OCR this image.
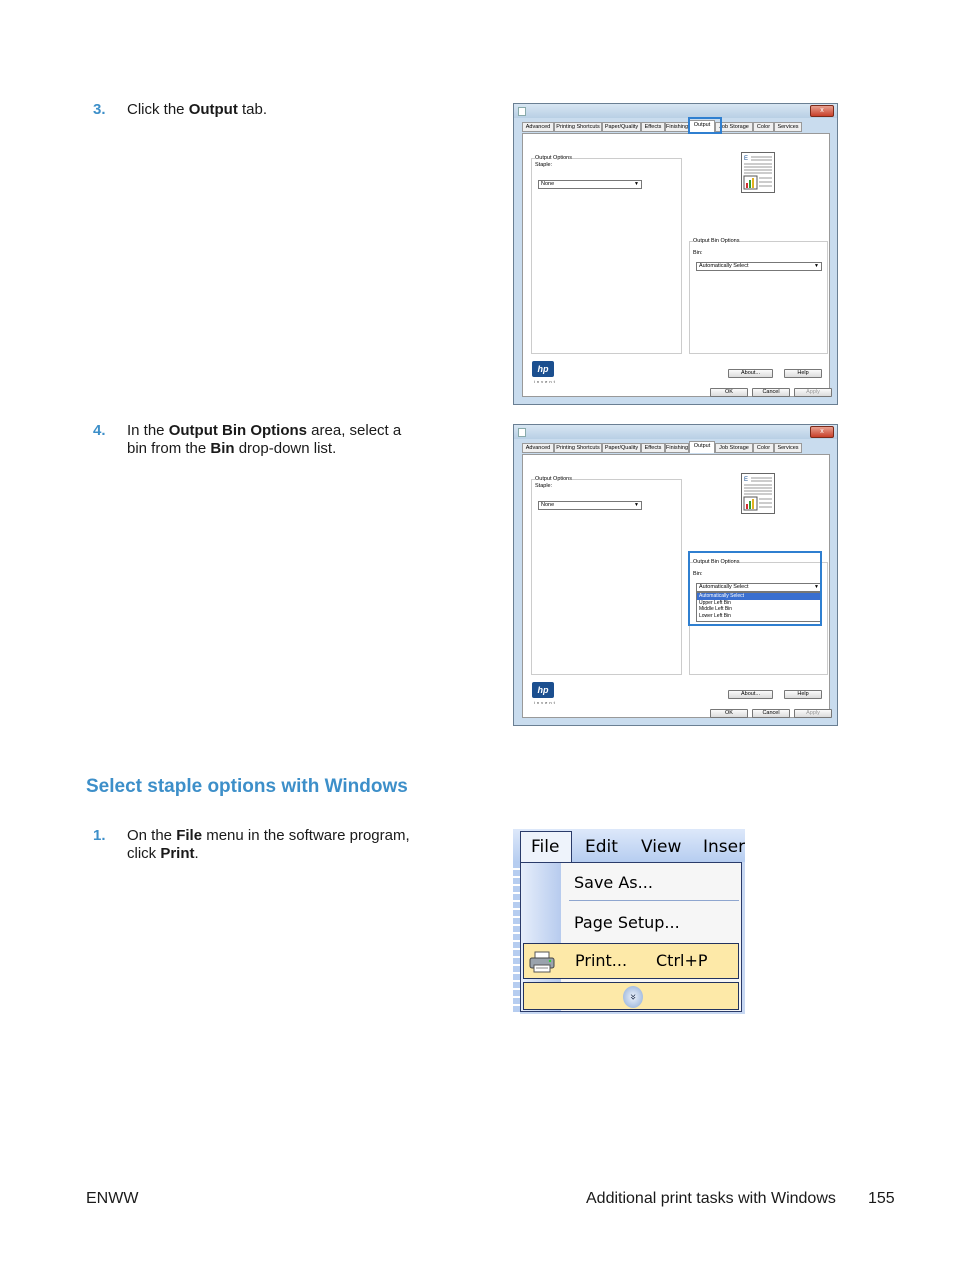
3. Click the Output tab.	x
Advanced	Printing Shortcuts Paper/Quality	Effects Finishing	Output	Job Storage	Color	Services
Output Options
Staple:
None	▼
E
Output Bin Options
Bin:
Automatically Select	▼
hp
invent
About...	Help
OK	Cancel	Apply
4. In the Output Bin Options area, select a
bin from the Bin drop-down list.
x
Advanced	Printing Shortcuts Paper/Quality	Effects Finishing	Output	Job Storage	Color	Services
Output Options
Staple:
None	▼
E
Output Bin Options
Bin:
Automatically Select	▼
Automatically Select
Upper Left Bin
Middle Left Bin
Lower Left Bin
hp
invent
About...	Help
OK	Cancel	Apply
Select staple options with Windows
1. On the File menu in the software program,
click Print.	File Edit View Inser
Save As...
Page Setup...
Print... Ctrl+P
»
ENWW	Additional print tasks with Windows 155
